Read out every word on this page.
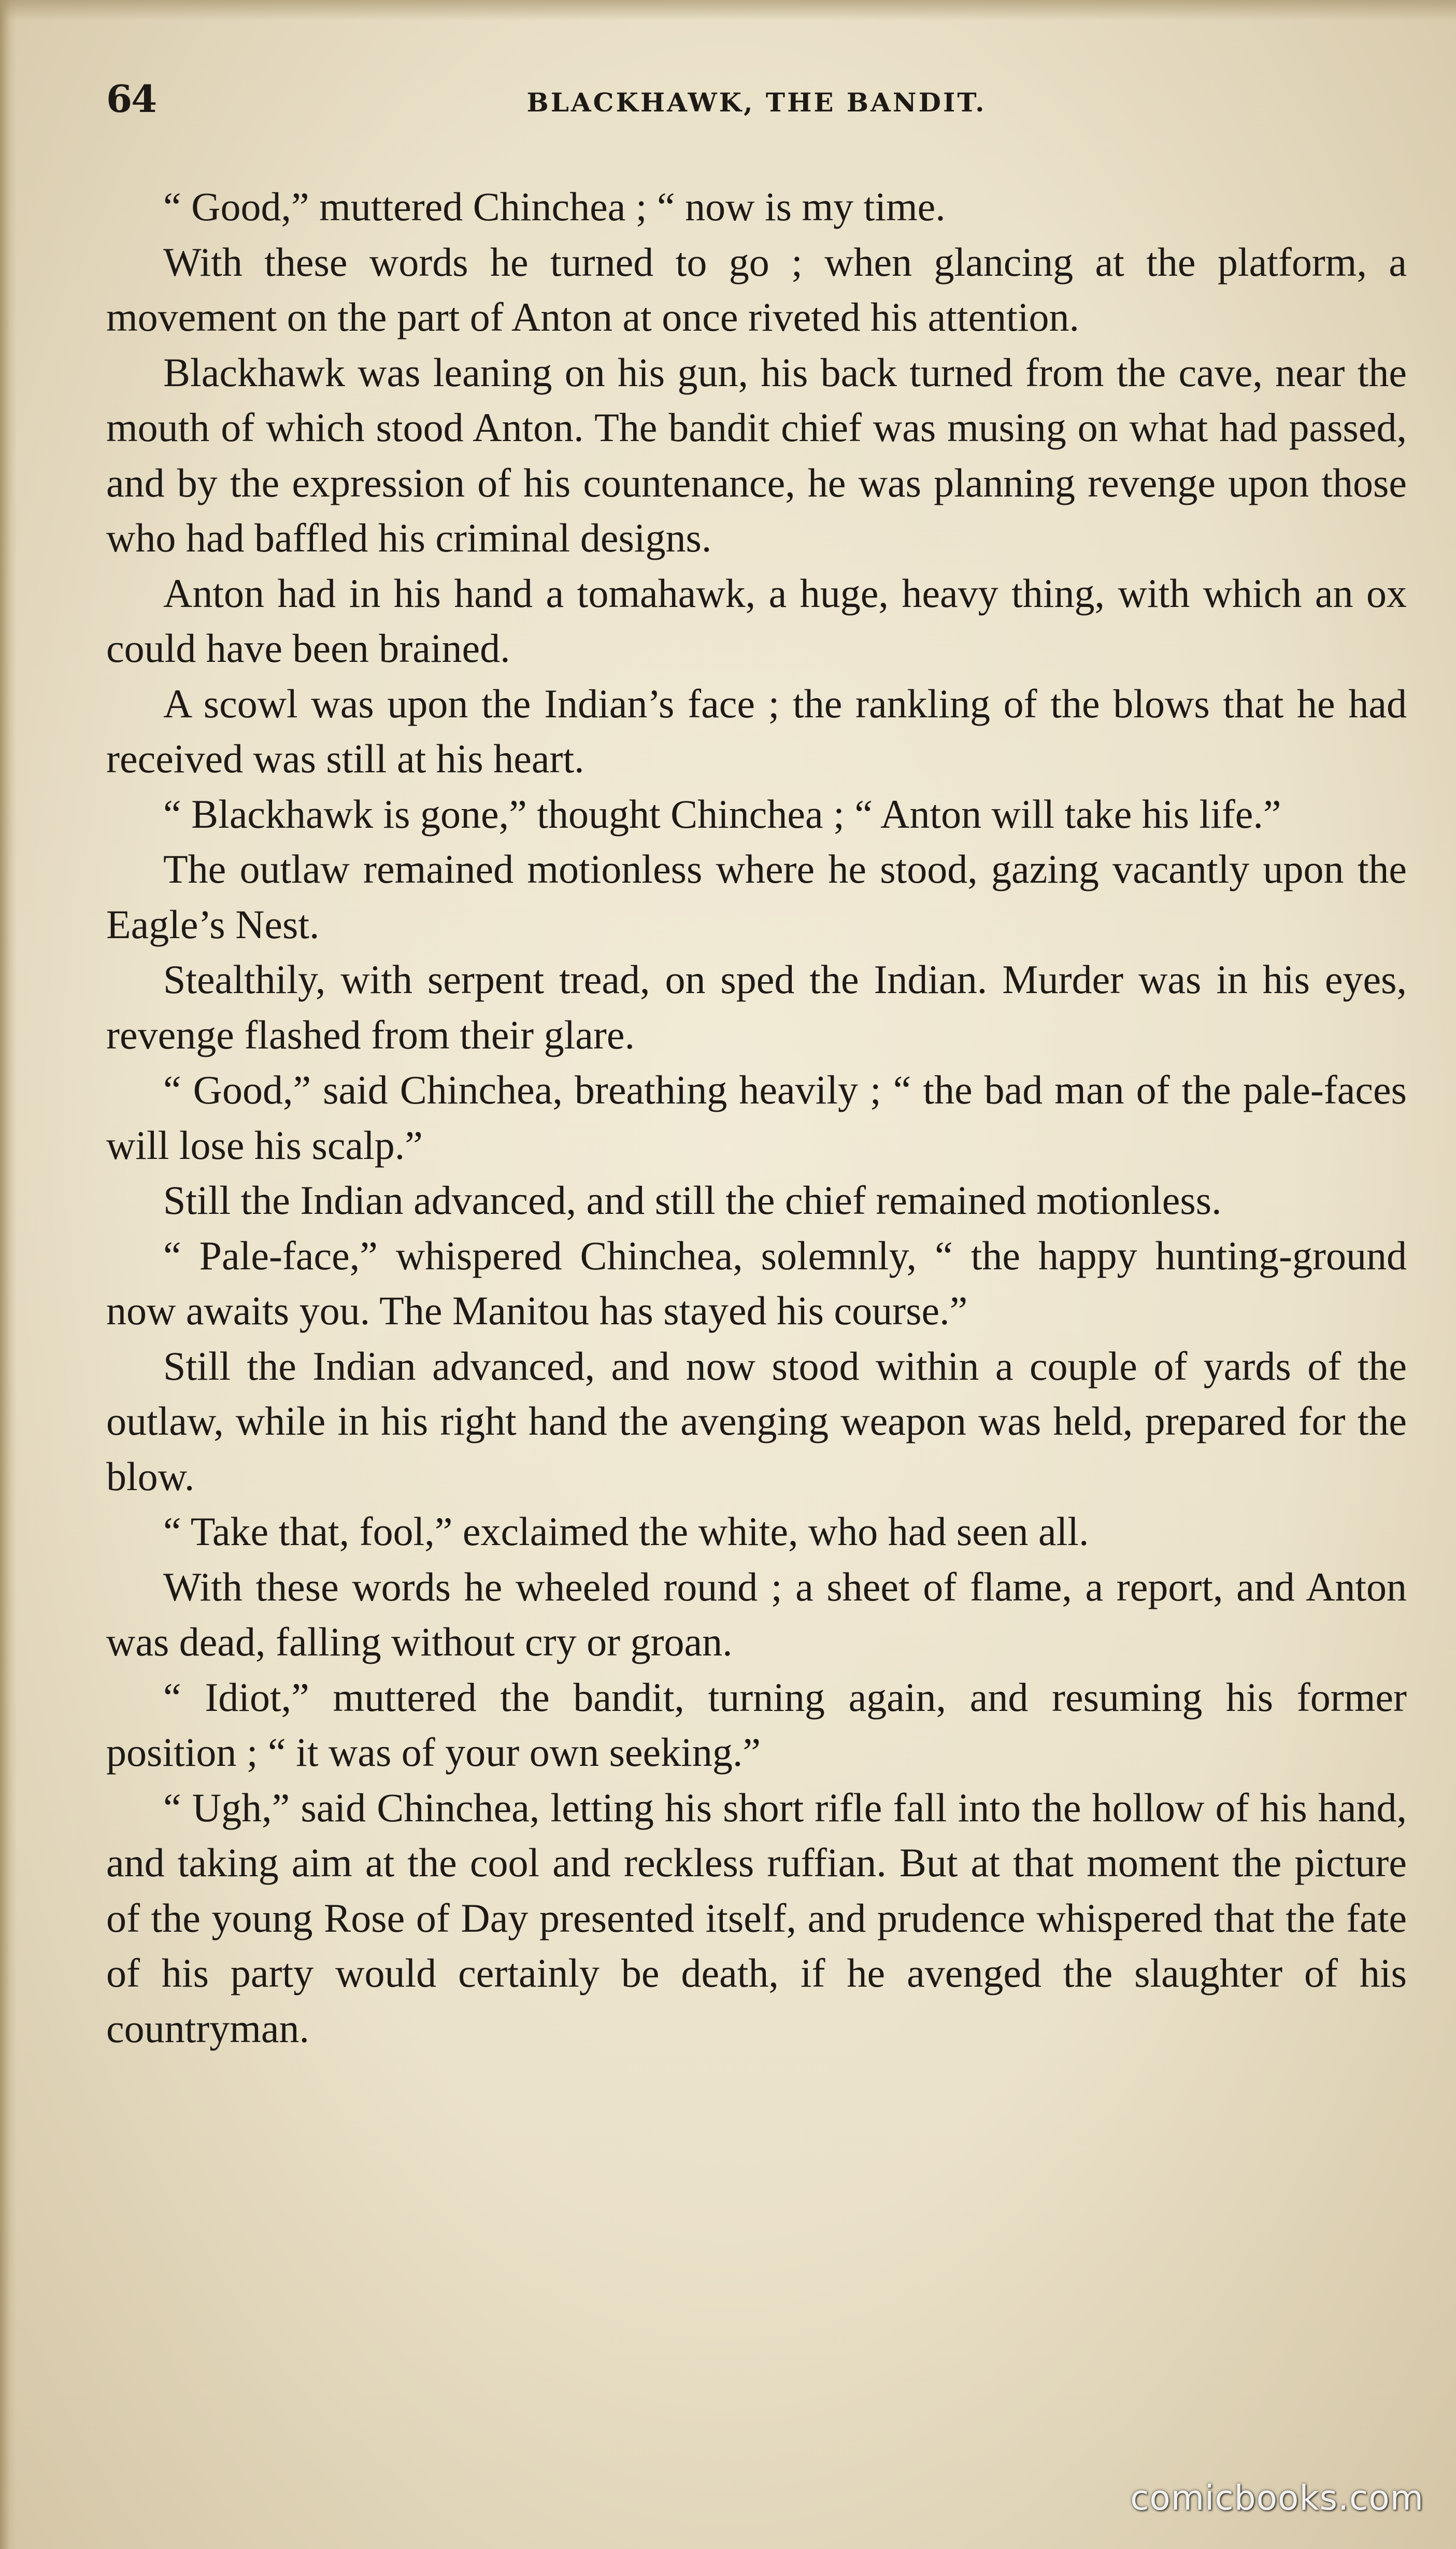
64	BLACKHAWK, THE BANDIT.

“ Good,” muttered Chinchea ; “ now is my time.

With these words he turned to go ; when glancing at the platform, a movement on the part of Anton at once riveted his attention.

Blackhawk was leaning on his gun, his back turned from the cave, near the mouth of which stood Anton. The bandit chief was musing on what had passed, and by the expression of his countenance, he was planning revenge upon those who had baffled his criminal designs.

Anton had in his hand a tomahawk, a huge, heavy thing, with which an ox could have been brained.

A scowl was upon the Indian’s face ; the rankling of the blows that he had received was still at his heart.

“ Blackhawk is gone,” thought Chinchea ; “ Anton will take his life.”

The outlaw remained motionless where he stood, gazing vacantly upon the Eagle’s Nest.

Stealthily, with serpent tread, on sped the Indian. Murder was in his eyes, revenge flashed from their glare.

“ Good,” said Chinchea, breathing heavily ; “ the bad man of the pale-faces will lose his scalp.”

Still the Indian advanced, and still the chief remained motionless.

“ Pale-face,” whispered Chinchea, solemnly, “ the happy hunting-ground now awaits you. The Manitou has stayed his course.”

Still the Indian advanced, and now stood within a couple of yards of the outlaw, while in his right hand the avenging weapon was held, prepared for the blow.

“ Take that, fool,” exclaimed the white, who had seen all.

With these words he wheeled round ; a sheet of flame, a report, and Anton was dead, falling without cry or groan.

“ Idiot,” muttered the bandit, turning again, and resuming his former position ; “ it was of your own seeking.”

“ Ugh,” said Chinchea, letting his short rifle fall into the hollow of his hand, and taking aim at the cool and reckless ruffian. But at that moment the picture of the young Rose of Day presented itself, and prudence whispered that the fate of his party would certainly be death, if he avenged the slaughter of his countryman.

comicbooks.com
